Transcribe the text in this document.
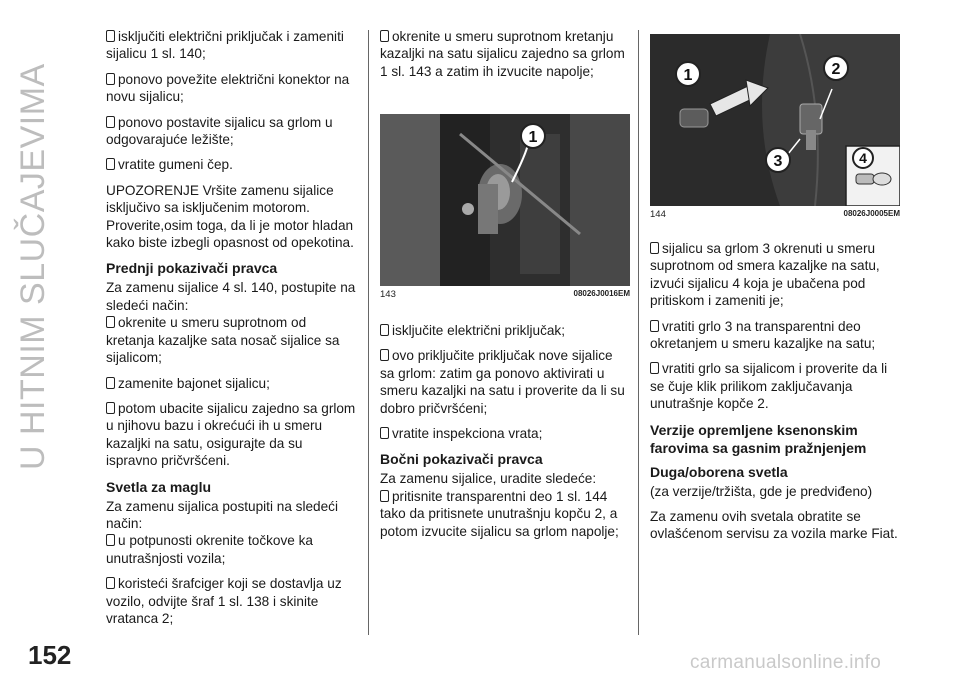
U HITNIM SLUČAJEVIMA
152

isključiti električni priključak i zameniti sijalicu 1 sl. 140;

ponovo povežite električni konektor na novu sijalicu;

ponovo postavite sijalicu sa grlom u odgovarajuće ležište;

vratite gumeni čep.

UPOZORENJE Vršite zamenu sijalice isključivo sa isključenim motorom. Proverite,osim toga, da li je motor hladan kako biste izbegli opasnost od opekotina.

Prednji pokazivači pravca

Za zamenu sijalice 4 sl. 140, postupite na sledeći način:

okrenite u smeru suprotnom od kretanja kazaljke sata nosač sijalice sa sijalicom;

zamenite bajonet sijalicu;

potom ubacite sijalicu zajedno sa grlom u njihovu bazu i okrećući ih u smeru kazaljki na satu, osigurajte da su ispravno pričvršćeni.

Svetla za maglu

Za zamenu sijalica postupiti na sledeći način:

u potpunosti okrenite točkove ka unutrašnjosti vozila;

koristeći šrafciger koji se dostavlja uz vozilo, odvijte šraf 1 sl. 138 i skinite vratanca 2;

okrenite u smeru suprotnom kretanju kazaljki na satu sijalicu zajedno sa grlom 1 sl. 143 a zatim ih izvucite napolje;

1
143	08026J0016EM

isključite električni priključak;

ovo priključite priključak nove sijalice sa grlom: zatim ga ponovo aktivirati u smeru kazaljki na satu i proverite da li su dobro pričvršćeni;

vratite inspekciona vrata;

Bočni pokazivači pravca

Za zamenu sijalice, uradite sledeće:

pritisnite transparentni deo 1 sl. 144 tako da pritisnete unutrašnju kopču 2, a potom izvucite sijalicu sa grlom napolje;

1	2
3	4
144	08026J0005EM

sijalicu sa grlom 3 okrenuti u smeru suprotnom od smera kazaljke na satu, izvući sijalicu 4 koja je ubačena pod pritiskom i zameniti je;

vratiti grlo 3 na transparentni deo okretanjem u smeru kazaljke na satu;

vratiti grlo sa sijalicom i proverite da li se čuje klik prilikom zaključavanja unutrašnje kopče 2.

Verzije opremljene ksenonskim farovima sa gasnim pražnjenjem
Duga/oborena svetla

(za verzije/tržišta, gde je predviđeno)

Za zamenu ovih svetala obratite se ovlašćenom servisu za vozila marke Fiat.

carmanualsonline.info
